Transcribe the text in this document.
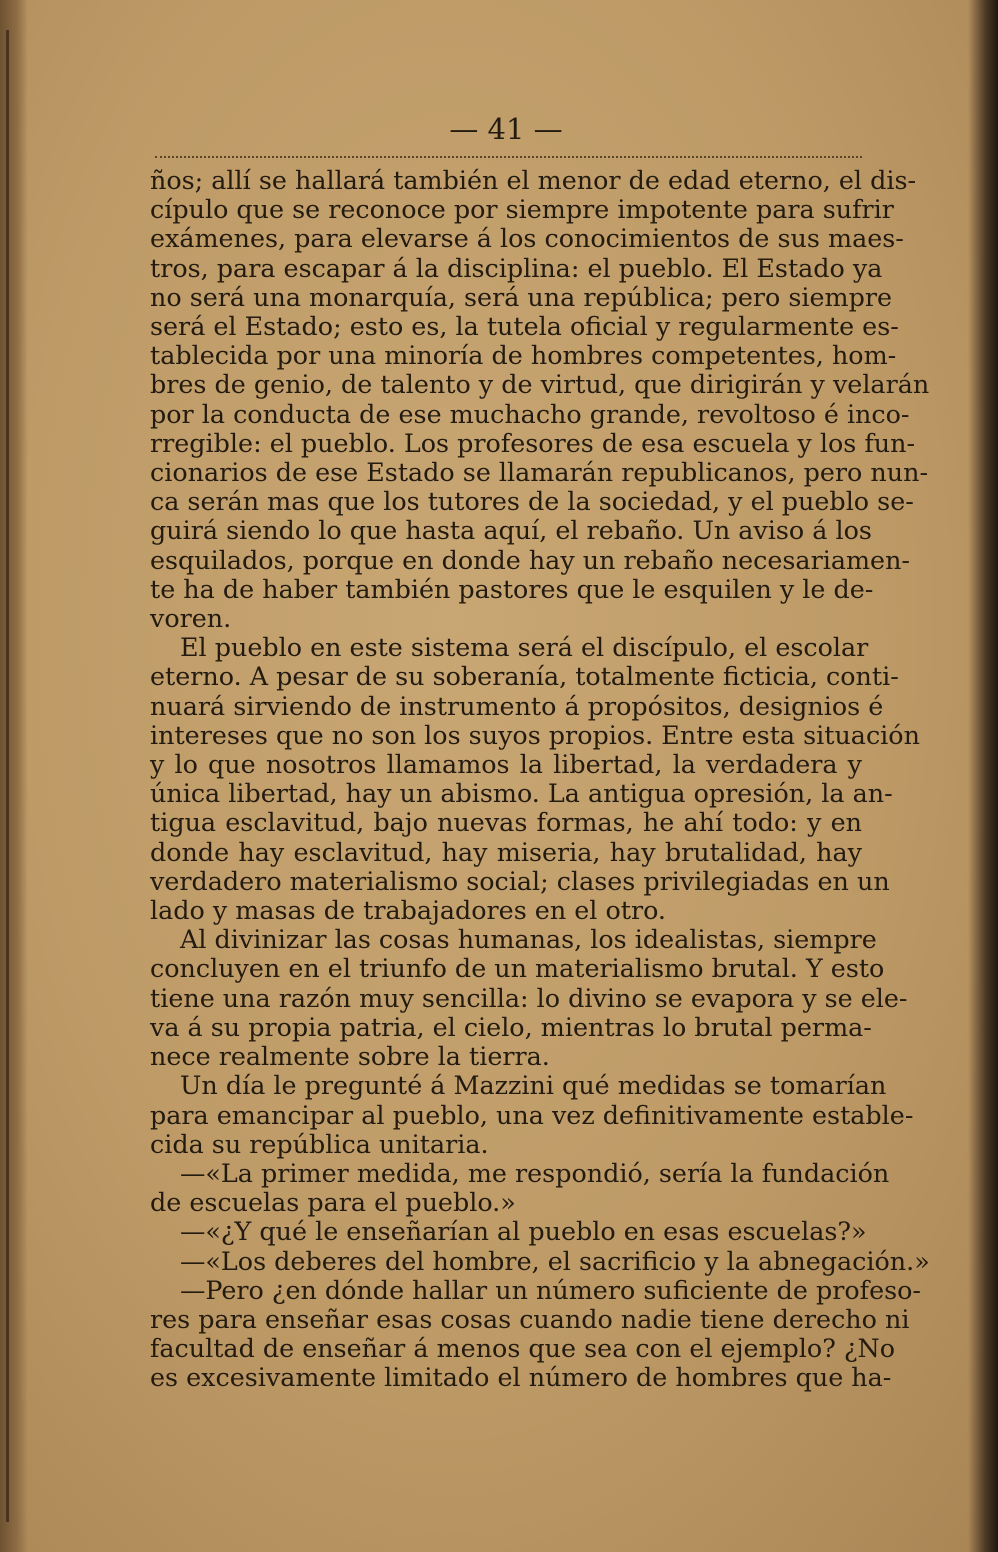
— 41 —
ños; allí se hallará también el menor de edad eterno, el dis-
cípulo que se reconoce por siempre impotente para sufrir
exámenes, para elevarse á los conocimientos de sus maes-
tros, para escapar á la disciplina: el pueblo. El Estado ya
no será una monarquía, será una república; pero siempre
será el Estado; esto es, la tutela oficial y regularmente es-
tablecida por una minoría de hombres competentes, hom-
bres de genio, de talento y de virtud, que dirigirán y velarán
por la conducta de ese muchacho grande, revoltoso é inco-
rregible: el pueblo. Los profesores de esa escuela y los fun-
cionarios de ese Estado se llamarán republicanos, pero nun-
ca serán mas que los tutores de la sociedad, y el pueblo se-
guirá siendo lo que hasta aquí, el rebaño. Un aviso á los
esquilados, porque en donde hay un rebaño necesariamen-
te ha de haber también pastores que le esquilen y le de-
voren.
El pueblo en este sistema será el discípulo, el escolar
eterno. A pesar de su soberanía, totalmente ficticia, conti-
nuará sirviendo de instrumento á propósitos, designios é
intereses que no son los suyos propios. Entre esta situación
y lo que nosotros llamamos la libertad, la verdadera y
única libertad, hay un abismo. La antigua opresión, la an-
tigua esclavitud, bajo nuevas formas, he ahí todo: y en
donde hay esclavitud, hay miseria, hay brutalidad, hay
verdadero materialismo social; clases privilegiadas en un
lado y masas de trabajadores en el otro.
Al divinizar las cosas humanas, los idealistas, siempre
concluyen en el triunfo de un materialismo brutal. Y esto
tiene una razón muy sencilla: lo divino se evapora y se ele-
va á su propia patria, el cielo, mientras lo brutal perma-
nece realmente sobre la tierra.
Un día le pregunté á Mazzini qué medidas se tomarían
para emancipar al pueblo, una vez definitivamente estable-
cida su república unitaria.
—«La primer medida, me respondió, sería la fundación
de escuelas para el pueblo.»
—«¿Y qué le enseñarían al pueblo en esas escuelas?»
—«Los deberes del hombre, el sacrificio y la abnegación.»
—Pero ¿en dónde hallar un número suficiente de profeso-
res para enseñar esas cosas cuando nadie tiene derecho ni
facultad de enseñar á menos que sea con el ejemplo? ¿No
es excesivamente limitado el número de hombres que ha-
